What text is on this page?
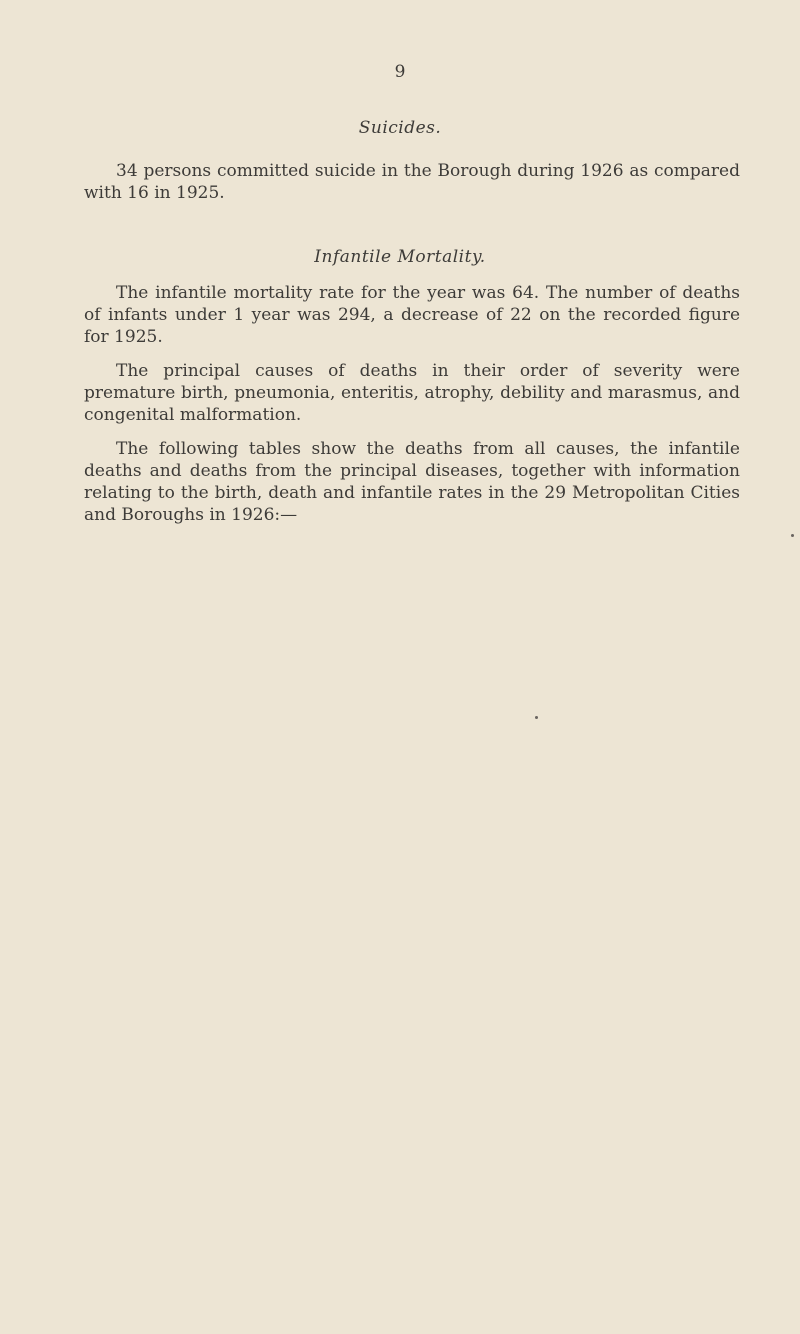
9
Suicides.

34 persons committed suicide in the Borough during 1926 as compared with 16 in 1925.

Infantile Mortality.

The infantile mortality rate for the year was 64. The number of deaths of infants under 1 year was 294, a decrease of 22 on the recorded figure for 1925.

The principal causes of deaths in their order of severity were premature birth, pneumonia, enteritis, atrophy, debility and marasmus, and congenital malformation.

The following tables show the deaths from all causes, the infantile deaths and deaths from the principal diseases, together with information relating to the birth, death and infantile rates in the 29 Metropolitan Cities and Boroughs in 1926:—
